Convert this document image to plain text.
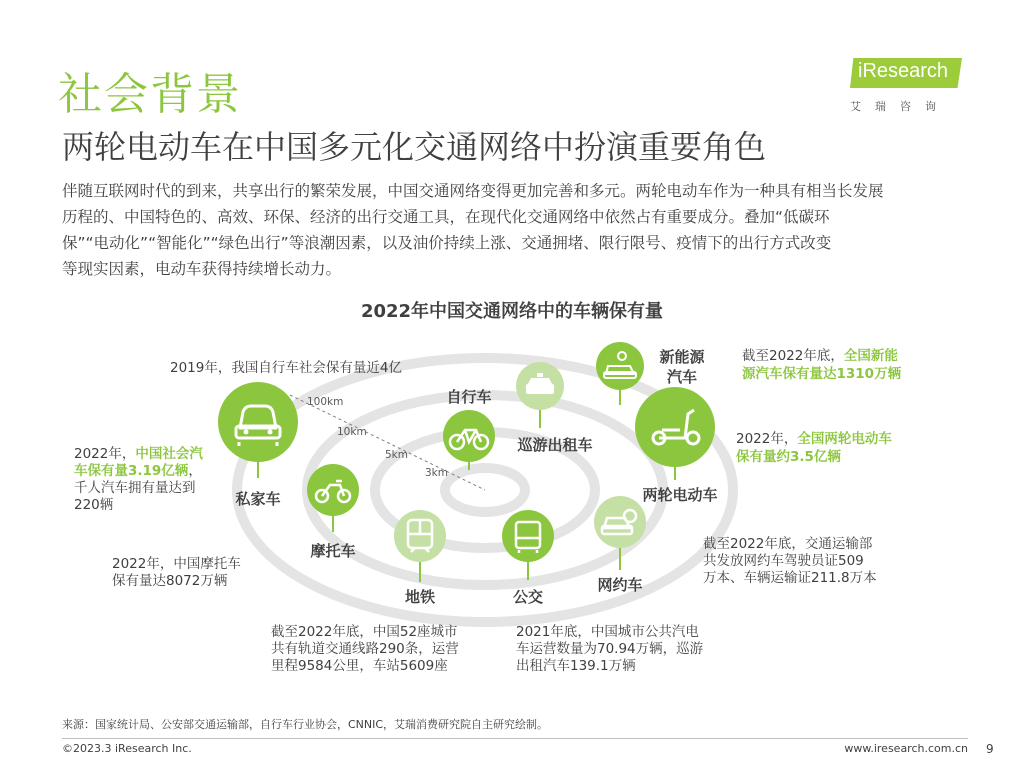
社会背景
两轮电动车在中国多元化交通网络中扮演重要角色
伴随互联网时代的到来，共享出行的繁荣发展，中国交通网络变得更加完善和多元。两轮电动车作为一种具有相当长发展
历程的、中国特色的、高效、环保、经济的出行交通工具，在现代化交通网络中依然占有重要成分。叠加“低碳环
保”“电动化”“智能化”“绿色出行”等浪潮因素，以及油价持续上涨、交通拥堵、限行限号、疫情下的出行方式改变
等现实因素，电动车获得持续增长动力。
iResearch
艾瑞咨询
2022年中国交通网络中的车辆保有量
100km
10km
5km
3km
私家车
摩托车
自行车
巡游出租车
新能源
汽车
两轮电动车
网约车
公交
地铁
2019年，我国自行车社会保有量近4亿
2022年，中国社会汽
车保有量3.19亿辆，
千人汽车拥有量达到
220辆
2022年，中国摩托车
保有量达8072万辆
截至2022年底，中国52座城市
共有轨道交通线路290条，运营
里程9584公里，车站5609座
2021年底，中国城市公共汽电
车运营数量为70.94万辆，巡游
出租汽车139.1万辆
截至2022年底，交通运输部
共发放网约车驾驶员证509
万本、车辆运输证211.8万本
2022年，全国两轮电动车
保有量约3.5亿辆
截至2022年底，全国新能
源汽车保有量达1310万辆
来源：国家统计局、公安部交通运输部，自行车行业协会，CNNIC，艾瑞消费研究院自主研究绘制。
©2023.3 iResearch Inc.	www.iresearch.com.cn 9
